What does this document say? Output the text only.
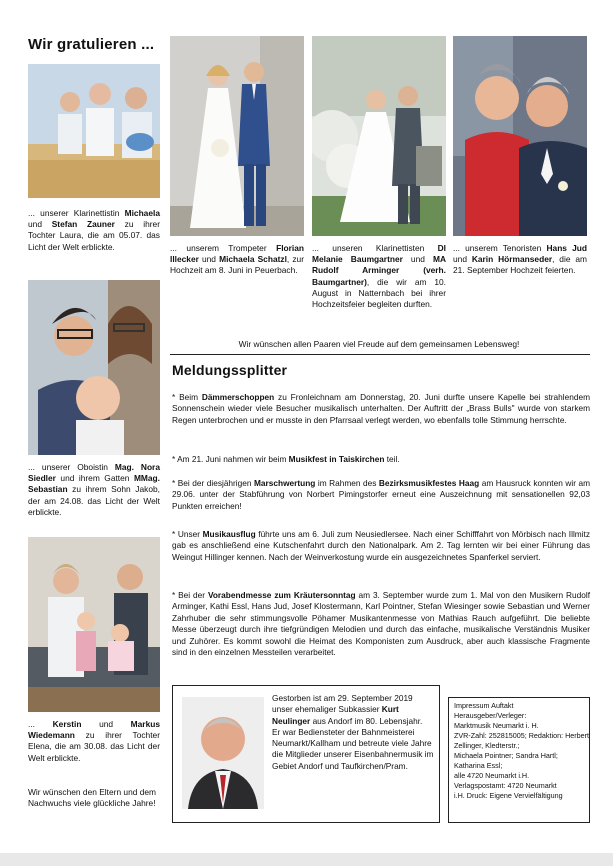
Wir gratulieren ...

... unserer Klarinettistin Michaela und Stefan Zauner zu ihrer Tochter Laura, die am 05.07. das Licht der Welt erblickte.	... unserem Trompeter Florian Illecker und Michaela Schatzl, zur Hochzeit am 8. Juni in Peuerbach.

... unseren Klarinettisten DI Melanie Baumgartner und MA Rudolf Arminger (verh. Baumgartner), die wir am 10. August in Natternbach bei ihrer Hochzeitsfeier begleiten durften.

... unserem Tenoristen Hans Jud und Karin Hörmanseder, die am 21. September Hochzeit feierten.

Wir wünschen allen Paaren viel Freude auf dem gemeinsamen Lebensweg!

... unserer Oboistin Mag. Nora Siedler und ihrem Gatten MMag. Sebastian zu ihrem Sohn Jakob, der am 24.08. das Licht der Welt erblickte.

... Kerstin und Markus Wiedemann zu ihrer Tochter Elena, die am 30.08. das Licht der Welt erblickte.

Wir wünschen den Eltern und dem Nachwuchs viele glückliche Jahre!

Meldungssplitter

* Beim Dämmerschoppen zu Fronleichnam am Donnerstag, 20. Juni durfte unsere Kapelle bei strahlendem Sonnenschein wieder viele Besucher musikalisch unterhalten. Der Auftritt der „Brass Bulls" wurde von starkem Regen unterbrochen und er musste in den Pfarrsaal verlegt werden, wo ebenfalls tolle Stimmung herrschte.

* Am 21. Juni nahmen wir beim Musikfest in Taiskirchen teil.

* Bei der diesjährigen Marschwertung im Rahmen des Bezirksmusikfestes Haag am Hausruck konnten wir am 29.06. unter der Stabführung von Norbert Pimingstorfer erneut eine Auszeichnung mit sensationellen 92,03 Punkten erreichen!

* Unser Musikausflug führte uns am 6. Juli zum Neusiedlersee. Nach einer Schifffahrt von Mörbisch nach Illmitz gab es anschließend eine Kutschenfahrt durch den Nationalpark. Am 2. Tag lernten wir bei einer Führung das Weingut Hillinger kennen. Nach der Weinverkostung wurde ein ausgezeichnetes Spanferkel serviert.

* Bei der Vorabendmesse zum Kräutersonntag am 3. September wurde zum 1. Mal von den Musikern Rudolf Arminger, Kathi Essl, Hans Jud, Josef Klostermann, Karl Pointner, Stefan Wiesinger sowie Sebastian und Werner Zahrhuber die sehr stimmungsvolle Pöhamer Musikantenmesse von Mathias Rauch aufgeführt. Die beliebte Messe überzeugt durch ihre tiefgründigen Melodien und durch das einfache, musikalische Verständnis Musiker und Zuhörer. Es kommt sowohl die Heimat des Komponisten zum Ausdruck, aber auch klassische Fragmente sind in den einzelnen Messteilen verarbeitet.

Gestorben ist am 29. September 2019 unser ehemaliger Subkassier Kurt Neulinger aus Andorf im 80. Lebensjahr.
Er war Bediensteter der Bahnmeisterei Neumarkt/Kallham und betreute viele Jahre die Mitglieder unserer Eisenbahnermusik im Gebiet Andorf und Taufkirchen/Pram.

Impressum Auftakt
Herausgeber/Verleger:
Marktmusik Neumarkt i. H.
ZVR-Zahl: 252815005; Redaktion: Herbert Zellinger, Kledterstr.;
Michaela Pointner; Sandra Hartl;
Katharina Essl;
alle 4720 Neumarkt i.H.
Verlagspostamt: 4720 Neumarkt
i.H. Druck: Eigene Vervielfältigung
